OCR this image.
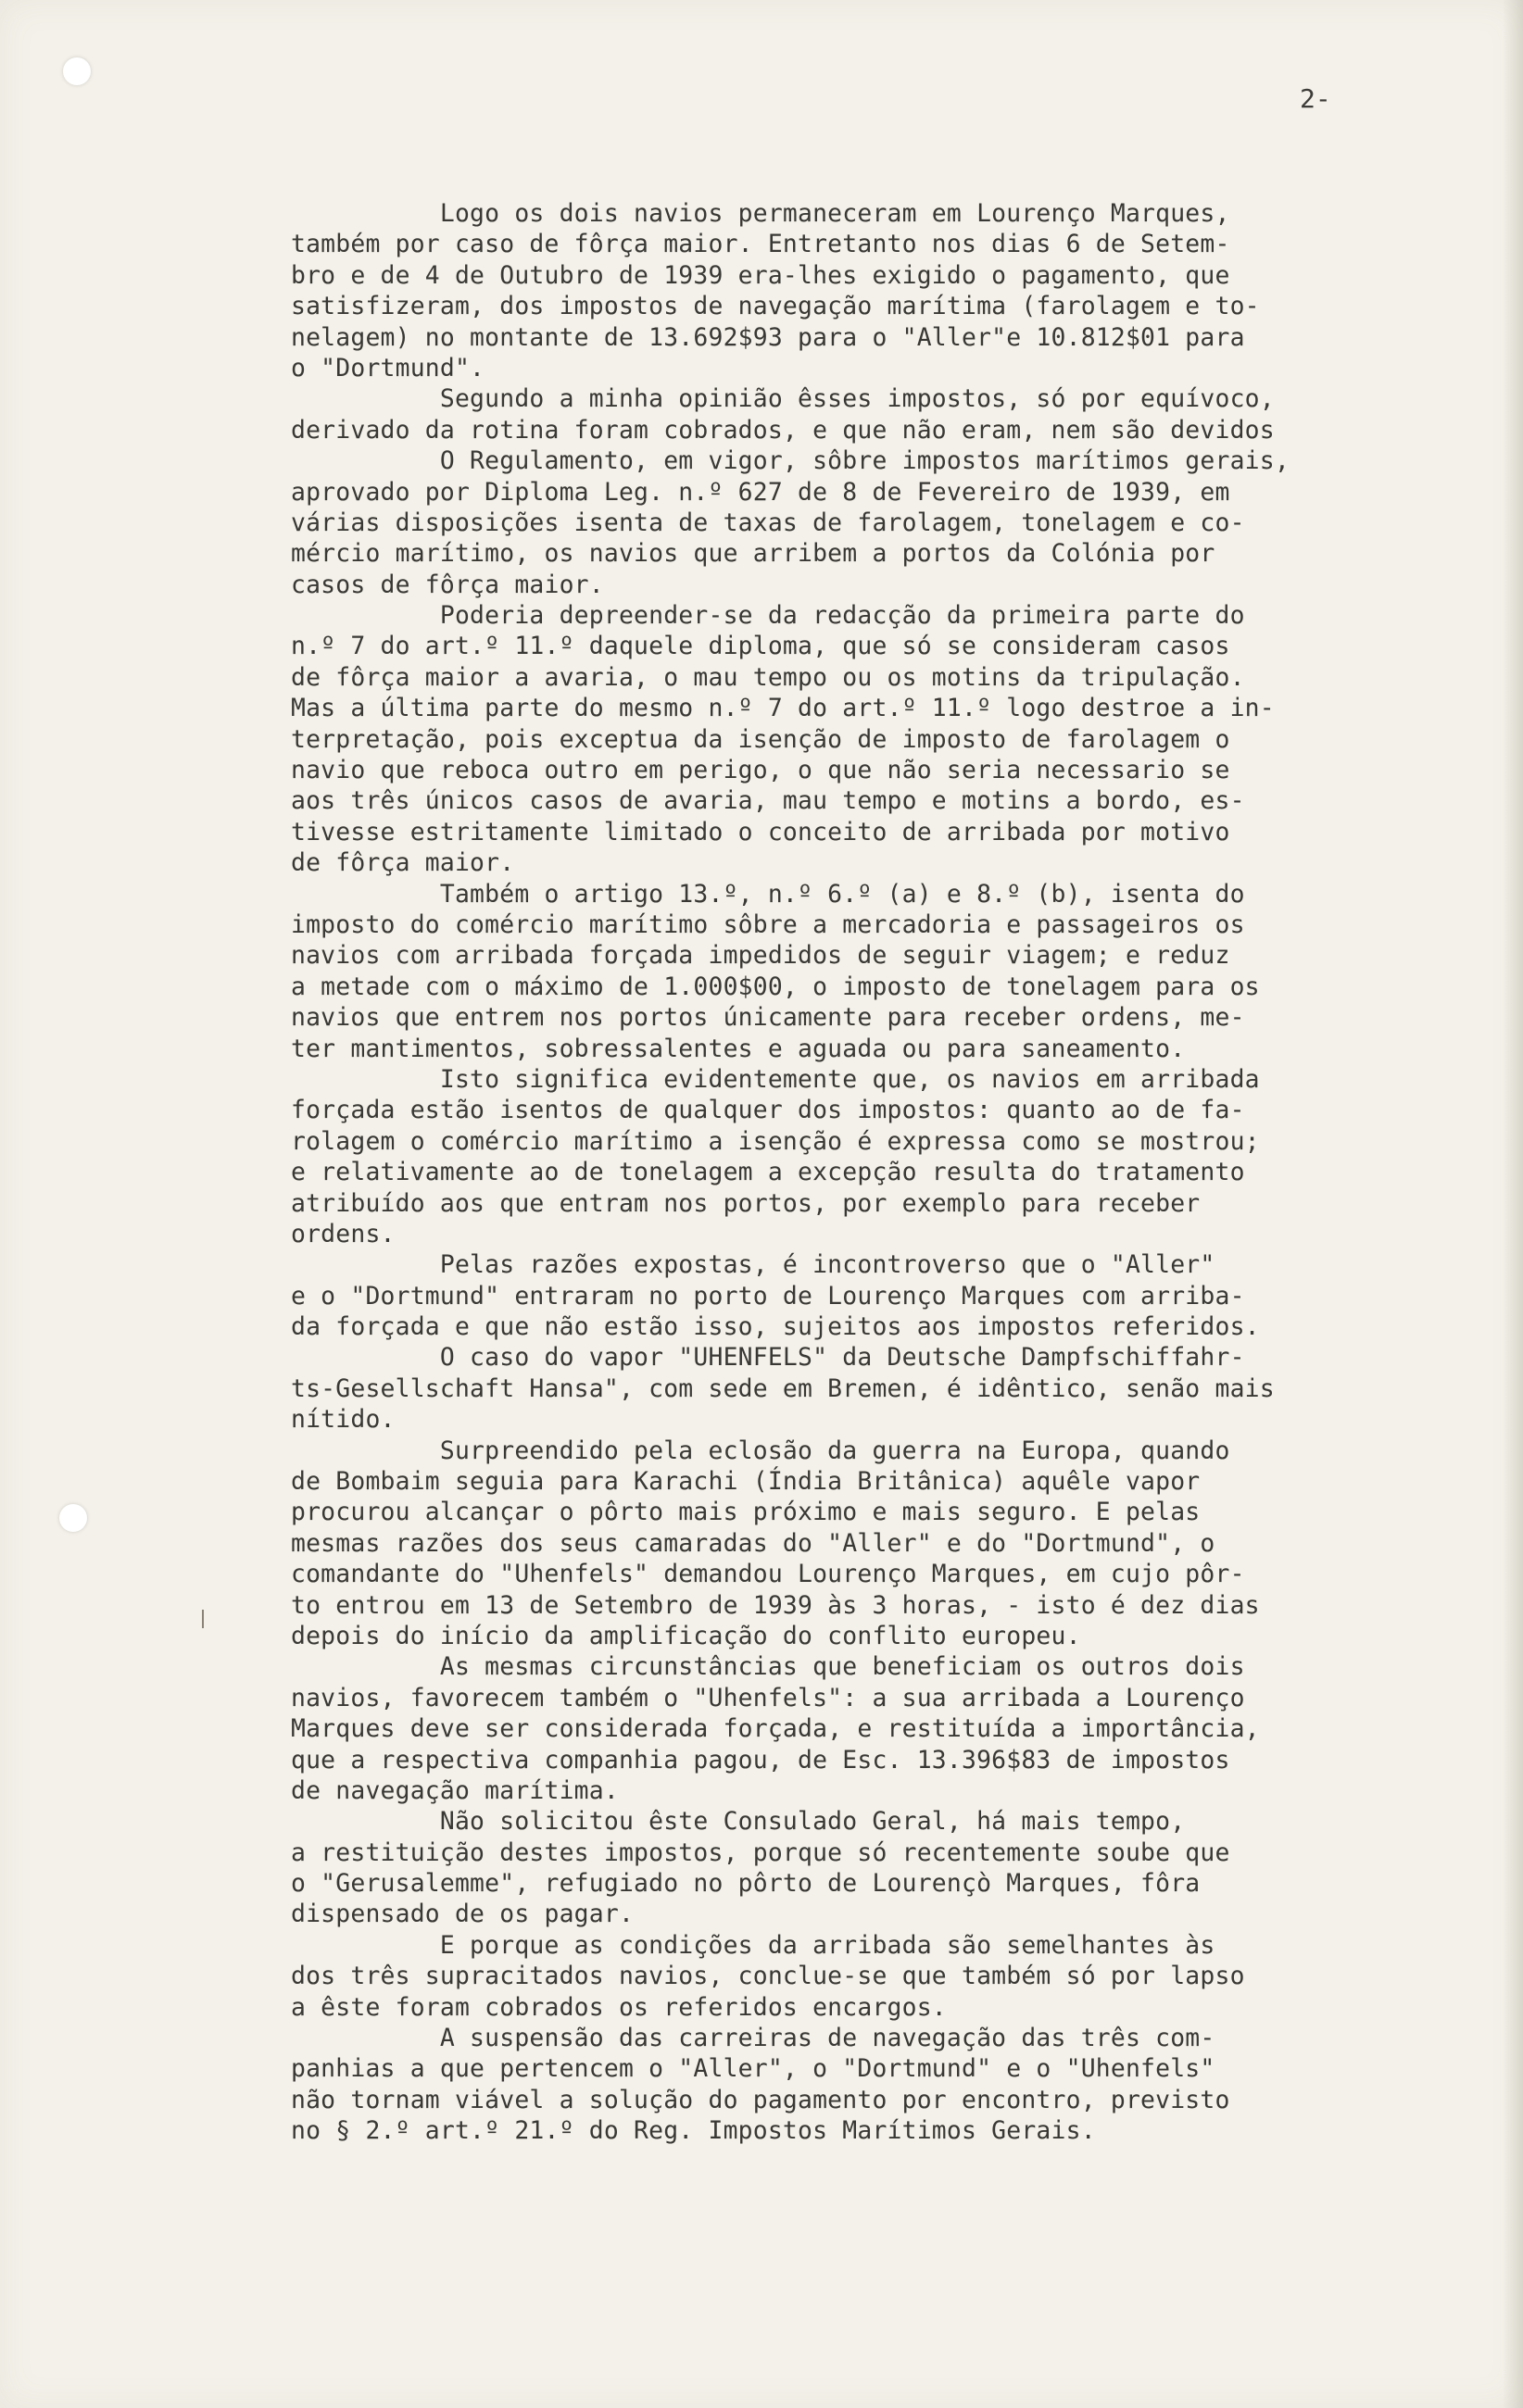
2-
Logo os dois navios permaneceram em Lourenço Marques,
também por caso de fôrça maior. Entretanto nos dias 6 de Setem-
bro e de 4 de Outubro de 1939 era-lhes exigido o pagamento, que
satisfizeram, dos impostos de navegação marítima (farolagem e to-
nelagem) no montante de 13.692$93 para o "Aller"e 10.812$01 para
o "Dortmund".
Segundo a minha opinião êsses impostos, só por equívoco,
derivado da rotina foram cobrados, e que não eram, nem são devidos
O Regulamento, em vigor, sôbre impostos marítimos gerais,
aprovado por Diploma Leg. n.º 627 de 8 de Fevereiro de 1939, em
várias disposições isenta de taxas de farolagem, tonelagem e co-
mércio marítimo, os navios que arribem a portos da Colónia por
casos de fôrça maior.
Poderia depreender-se da redacção da primeira parte do
n.º 7 do art.º 11.º daquele diploma, que só se consideram casos
de fôrça maior a avaria, o mau tempo ou os motins da tripulação.
Mas a última parte do mesmo n.º 7 do art.º 11.º logo destroe a in-
terpretação, pois exceptua da isenção de imposto de farolagem o
navio que reboca outro em perigo, o que não seria necessario se
aos três únicos casos de avaria, mau tempo e motins a bordo, es-
tivesse estritamente limitado o conceito de arribada por motivo
de fôrça maior.
Também o artigo 13.º, n.º 6.º (a) e 8.º (b), isenta do
imposto do comércio marítimo sôbre a mercadoria e passageiros os
navios com arribada forçada impedidos de seguir viagem; e reduz
a metade com o máximo de 1.000$00, o imposto de tonelagem para os
navios que entrem nos portos únicamente para receber ordens, me-
ter mantimentos, sobressalentes e aguada ou para saneamento.
Isto significa evidentemente que, os navios em arribada
forçada estão isentos de qualquer dos impostos: quanto ao de fa-
rolagem o comércio marítimo a isenção é expressa como se mostrou;
e relativamente ao de tonelagem a excepção resulta do tratamento
atribuído aos que entram nos portos, por exemplo para receber
ordens.
Pelas razões expostas, é incontroverso que o "Aller"
e o "Dortmund" entraram no porto de Lourenço Marques com arriba-
da forçada e que não estão isso, sujeitos aos impostos referidos.
O caso do vapor "UHENFELS" da Deutsche Dampfschiffahr-
ts-Gesellschaft Hansa", com sede em Bremen, é idêntico, senão mais
nítido.
Surpreendido pela eclosão da guerra na Europa, quando
de Bombaim seguia para Karachi (Índia Britânica) aquêle vapor
procurou alcançar o pôrto mais próximo e mais seguro. E pelas
mesmas razões dos seus camaradas do "Aller" e do "Dortmund", o
comandante do "Uhenfels" demandou Lourenço Marques, em cujo pôr-
to entrou em 13 de Setembro de 1939 às 3 horas, - isto é dez dias
depois do início da amplificação do conflito europeu.
As mesmas circunstâncias que beneficiam os outros dois
navios, favorecem também o "Uhenfels": a sua arribada a Lourenço
Marques deve ser considerada forçada, e restituída a importância,
que a respectiva companhia pagou, de Esc. 13.396$83 de impostos
de navegação marítima.
Não solicitou êste Consulado Geral, há mais tempo,
a restituição destes impostos, porque só recentemente soube que
o "Gerusalemme", refugiado no pôrto de Lourençò Marques, fôra
dispensado de os pagar.
E porque as condições da arribada são semelhantes às
dos três supracitados navios, conclue-se que também só por lapso
a êste foram cobrados os referidos encargos.
A suspensão das carreiras de navegação das três com-
panhias a que pertencem o "Aller", o "Dortmund" e o "Uhenfels"
não tornam viável a solução do pagamento por encontro, previsto
no § 2.º art.º 21.º do Reg. Impostos Marítimos Gerais.
